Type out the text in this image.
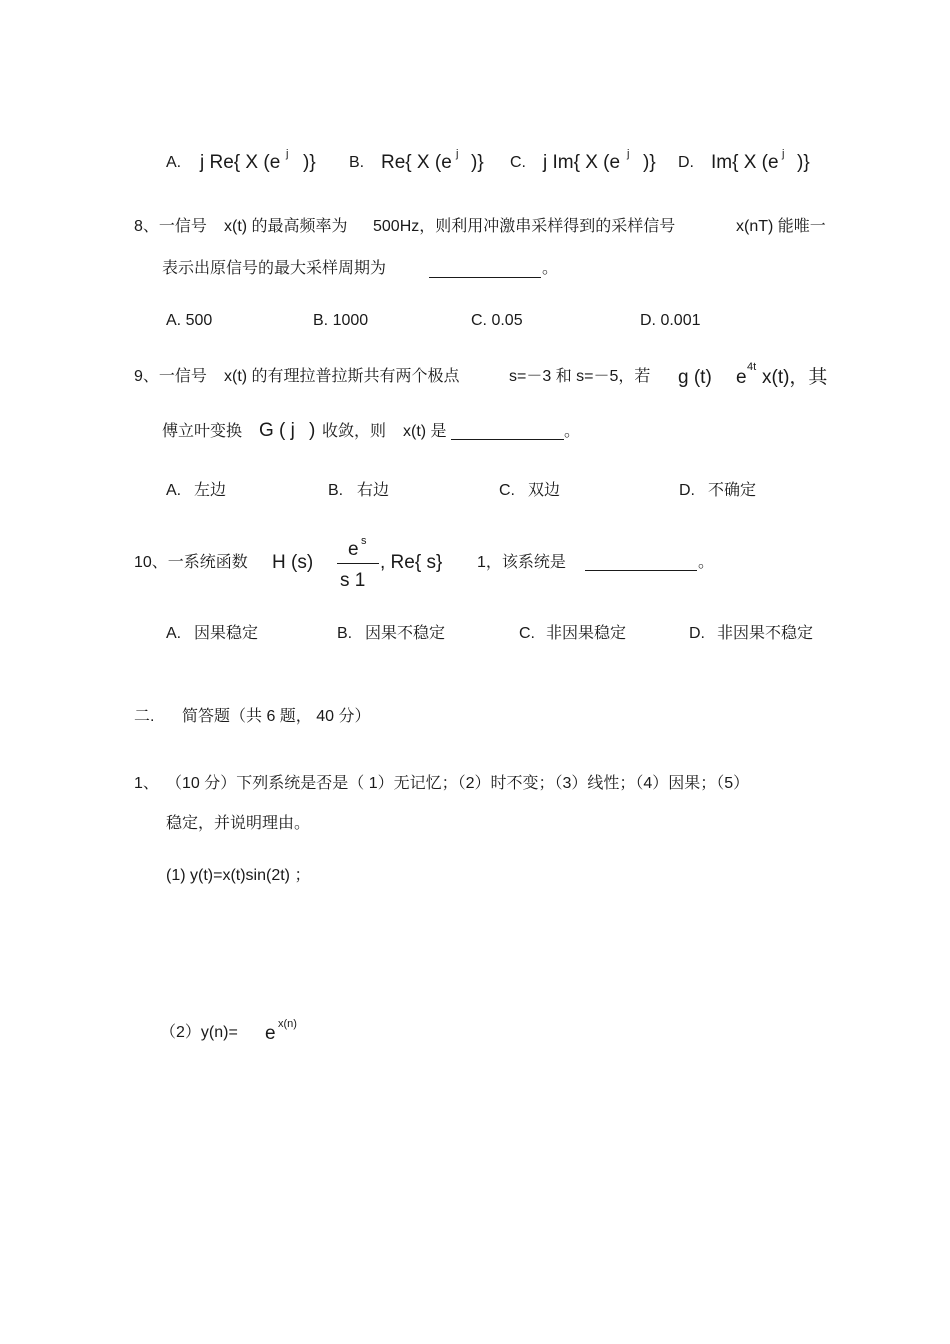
A. j Re{ X (e j )} B. Re{ X (e j )} C. j Im{ X (e j )} D. Im{ X (e j )}
8、一信号 x(t) 的最高频率为 500Hz，则利用冲激串采样得到的采样信号	x(nT) 能唯一
表示出原信号的最大采样周期为	。
A. 500	B. 1000	C. 0.05	D. 0.001
9、一信号 x(t) 的有理拉普拉斯共有两个极点	s=－3 和 s=－5，若 g (t) e 4t x(t)，其
傅立叶变换 G ( j ) 收敛，则 x(t) 是	。
A. 左边	B. 右边	C. 双边	D. 不确定
10、一系统函数 H (s)
e s
s 1
, Re{ s} 1，该系统是	。
A. 因果稳定	B. 因果不稳定	C. 非因果稳定	D. 非因果不稳定
二. 简答题（共 6 题， 40 分）
1、 （10 分）下列系统是否是（ 1）无记忆；（2）时不变；（3）线性；（4）因果；（5）
稳定，并说明理由。
(1) y(t)=x(t)sin(2t) ；
（2）y(n)= e x(n)
